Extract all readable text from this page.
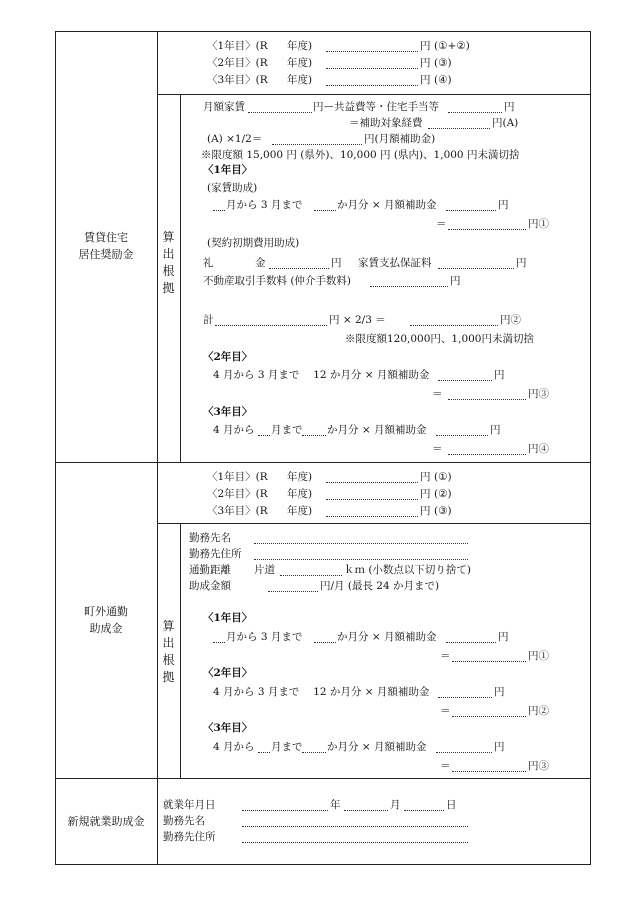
賃貸住宅
居住奨励金
〈1年目〉(R 年度)	円 (①+②)
〈2年目〉(R 年度)	円 (③)
〈3年目〉(R 年度)	円 (④)
算
出
根
拠
月額家賃	円ー共益費等・住宅手当等	円
＝補助対象経費	円(A)
(A) ×1/2＝	円(月額補助金)
※限度額 15,000 円 (県外)、10,000 円 (県内)、1,000 円未満切捨
〈1年目〉
(家賃助成)
月から 3 月まで	か月分 × 月額補助金	円
＝	円①
(契約初期費用助成)
礼	金	円 家賃支払保証料	円
不動産取引手数料 (仲介手数料)	円
計	円 × 2/3 ＝	円②
※限度額120,000円、1,000円未満切捨
〈2年目〉
4 月から 3 月まで　 12 か月分 × 月額補助金	円
＝	円③
〈3年目〉
4 月から 月まで か月分 × 月額補助金	円
＝	円④
町外通勤
助成金
〈1年目〉(R 年度)	円 (①)
〈2年目〉(R 年度)	円 (②)
〈3年目〉(R 年度)	円 (③)
算
出
根
拠
勤務先名
勤務先住所
通勤距離 片道	ｋｍ (小数点以下切り捨て)
助成金額	円/月 (最長 24 か月まで)
〈1年目〉
月から 3 月まで	か月分 × 月額補助金	円
＝	円①
〈2年目〉
4 月から 3 月まで　 12 か月分 × 月額補助金	円
＝	円②
〈3年目〉
4 月から 月まで か月分 × 月額補助金	円
＝	円③
新規就業助成金
就業年月日	年	月	日
勤務先名
勤務先住所
